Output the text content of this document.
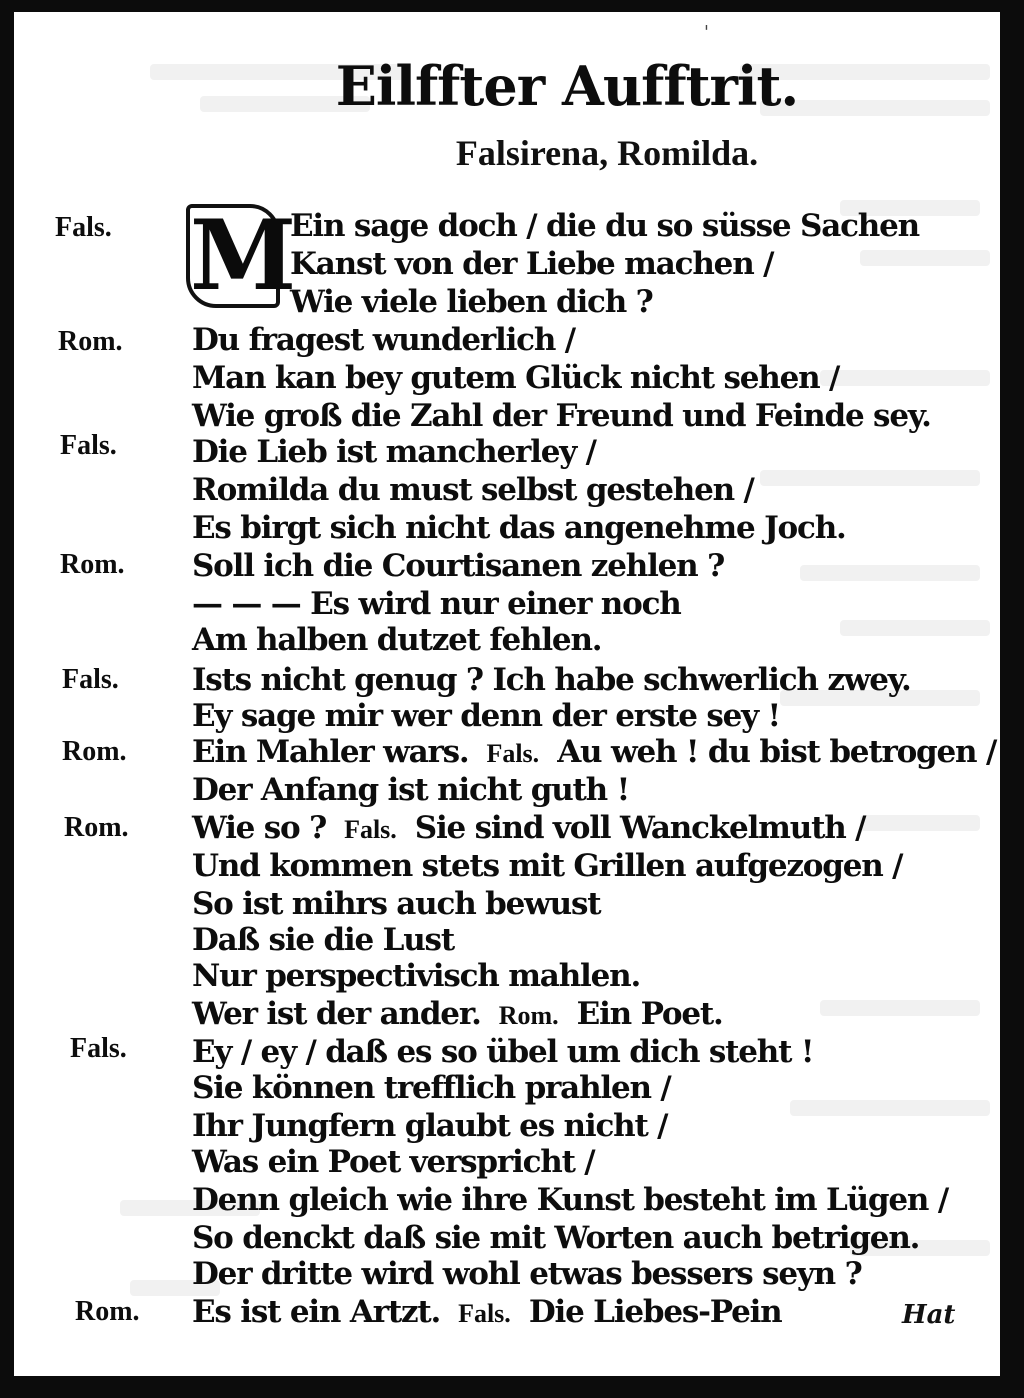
'
Eilffter Aufftrit.
Falsirena, Romilda.
M
Fals.
Rom.
Fals.
Rom.
Fals.
Rom.
Rom.
Fals.
Rom.
Ein sage doch / die du so süsse Sachen
Kanst von der Liebe machen /
Wie viele lieben dich ?
Du fragest wunderlich /
Man kan bey gutem Glück nicht sehen /
Wie groß die Zahl der Freund und Feinde sey.
Die Lieb ist mancherley /
Romilda du must selbst gestehen /
Es birgt sich nicht das angenehme Joch.
Soll ich die Courtisanen zehlen ?
— — — Es wird nur einer noch
Am halben dutzet fehlen.
Ists nicht genug ? Ich habe schwerlich zwey.
Ey sage mir wer denn der erste sey !
Ein Mahler wars. Fals. Au weh ! du bist betrogen /
Der Anfang ist nicht guth !
Wie so ? Fals. Sie sind voll Wanckelmuth /
Und kommen stets mit Grillen aufgezogen /
So ist mihrs auch bewust
Daß sie die Lust
Nur perspectivisch mahlen.
Wer ist der ander. Rom. Ein Poet.
Ey / ey / daß es so übel um dich steht !
Sie können trefflich prahlen /
Ihr Jungfern glaubt es nicht /
Was ein Poet verspricht /
Denn gleich wie ihre Kunst besteht im Lügen /
So denckt daß sie mit Worten auch betrigen.
Der dritte wird wohl etwas bessers seyn ?
Es ist ein Artzt. Fals. Die Liebes-Pein	Hat
